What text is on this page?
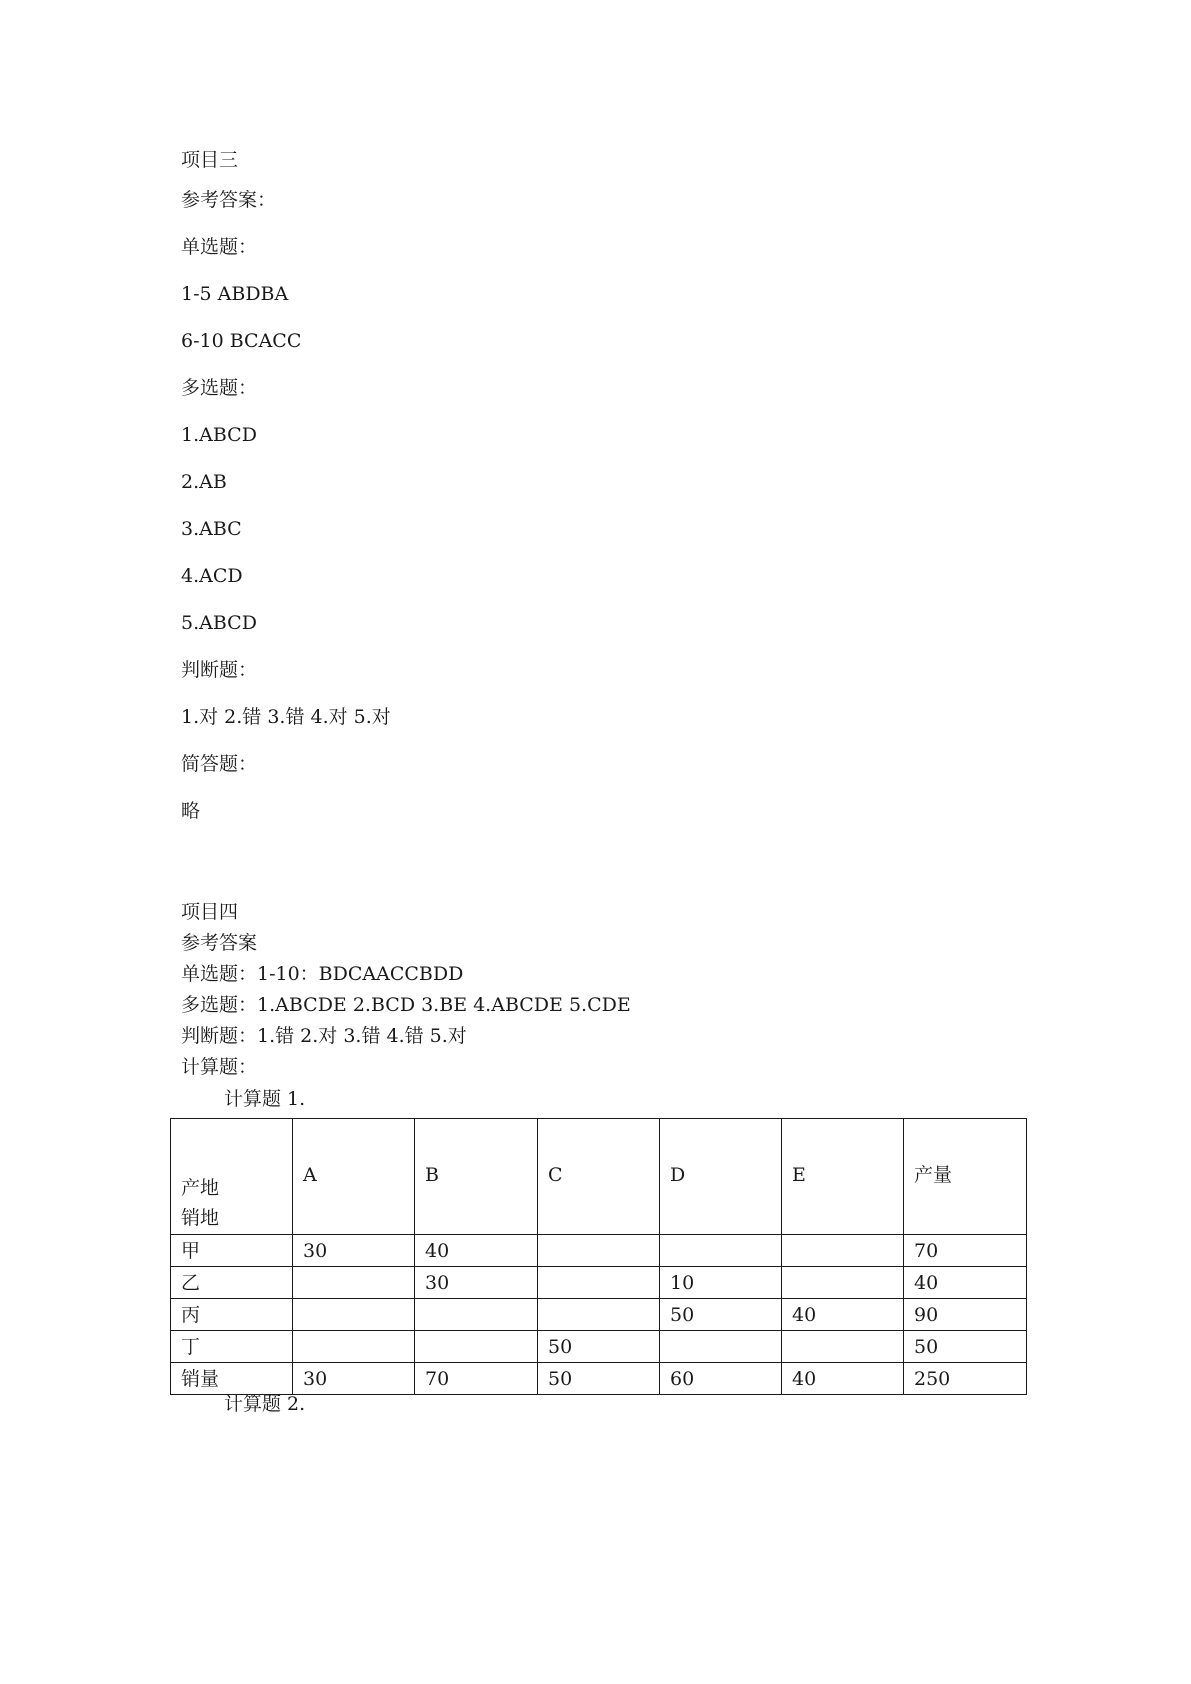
项目三
参考答案：
单选题：
1-5 ABDBA
6-10 BCACC
多选题：
1.ABCD
2.AB
3.ABC
4.ACD
5.ABCD
判断题：
1.对 2.错 3.错 4.对 5.对
简答题：
略
项目四
参考答案
单选题：1-10：BDCAACCBDD
多选题：1.ABCDE 2.BCD 3.BE 4.ABCDE 5.CDE
判断题：1.错 2.对 3.错 4.错 5.对
计算题：
计算题 1.
产地
销地	A	B	C	D	E	产量
甲	30	40				70
乙		30		10		40
丙				50	40	90
丁			50			50
销量	30	70	50	60	40	250
计算题 2.
